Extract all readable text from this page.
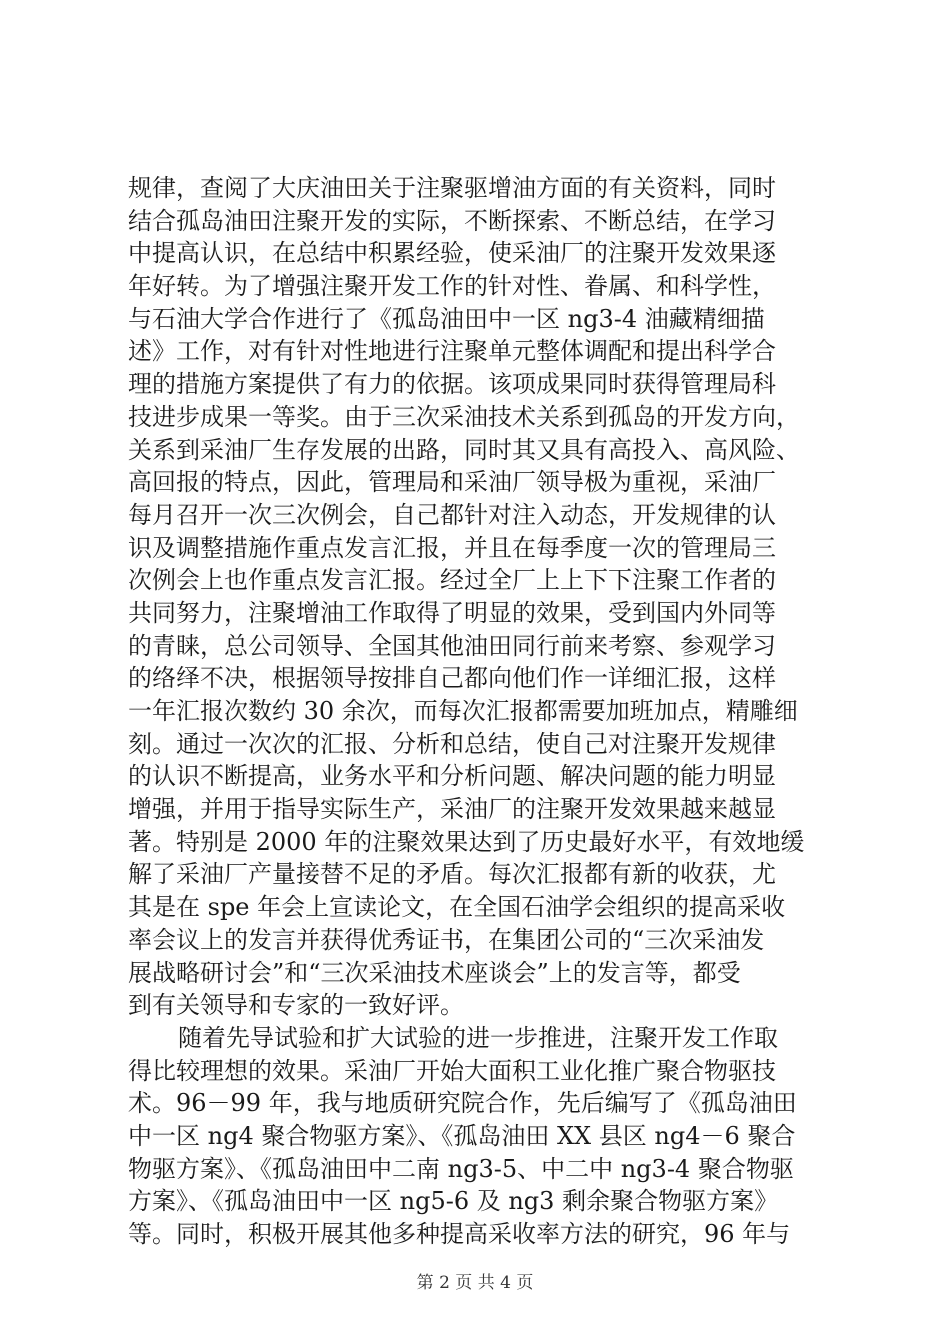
规律，查阅了大庆油田关于注聚驱增油方面的有关资料，同时
结合孤岛油田注聚开发的实际，不断探索、不断总结，在学习
中提高认识，在总结中积累经验，使采油厂的注聚开发效果逐
年好转。为了增强注聚开发工作的针对性、眷属、和科学性，
与石油大学合作进行了《孤岛油田中一区 ng3-4 油藏精细描
述》工作，对有针对性地进行注聚单元整体调配和提出科学合
理的措施方案提供了有力的依据。该项成果同时获得管理局科
技进步成果一等奖。由于三次采油技术关系到孤岛的开发方向，
关系到采油厂生存发展的出路，同时其又具有高投入、高风险、
高回报的特点，因此，管理局和采油厂领导极为重视，采油厂
每月召开一次三次例会，自己都针对注入动态，开发规律的认
识及调整措施作重点发言汇报，并且在每季度一次的管理局三
次例会上也作重点发言汇报。经过全厂上上下下注聚工作者的
共同努力，注聚增油工作取得了明显的效果，受到国内外同等
的青睐，总公司领导、全国其他油田同行前来考察、参观学习
的络绎不决，根据领导按排自己都向他们作一详细汇报，这样
一年汇报次数约 30 余次，而每次汇报都需要加班加点，精雕细
刻。通过一次次的汇报、分析和总结，使自己对注聚开发规律
的认识不断提高，业务水平和分析问题、解决问题的能力明显
增强，并用于指导实际生产，采油厂的注聚开发效果越来越显
著。特别是 2000 年的注聚效果达到了历史最好水平，有效地缓
解了采油厂产量接替不足的矛盾。每次汇报都有新的收获，尤
其是在 spe 年会上宣读论文，在全国石油学会组织的提高采收
率会议上的发言并获得优秀证书，在集团公司的“三次采油发
展战略研讨会”和“三次采油技术座谈会”上的发言等，都受
到有关领导和专家的一致好评。
随着先导试验和扩大试验的进一步推进，注聚开发工作取
得比较理想的效果。采油厂开始大面积工业化推广聚合物驱技
术。96－99 年，我与地质研究院合作，先后编写了《孤岛油田
中一区 ng4 聚合物驱方案》、《孤岛油田 XX 县区 ng4－6 聚合
物驱方案》、《孤岛油田中二南 ng3-5、中二中 ng3-4 聚合物驱
方案》、《孤岛油田中一区 ng5-6 及 ng3 剩余聚合物驱方案》
等。同时，积极开展其他多种提高采收率方法的研究，96 年与
第 2 页 共 4 页
